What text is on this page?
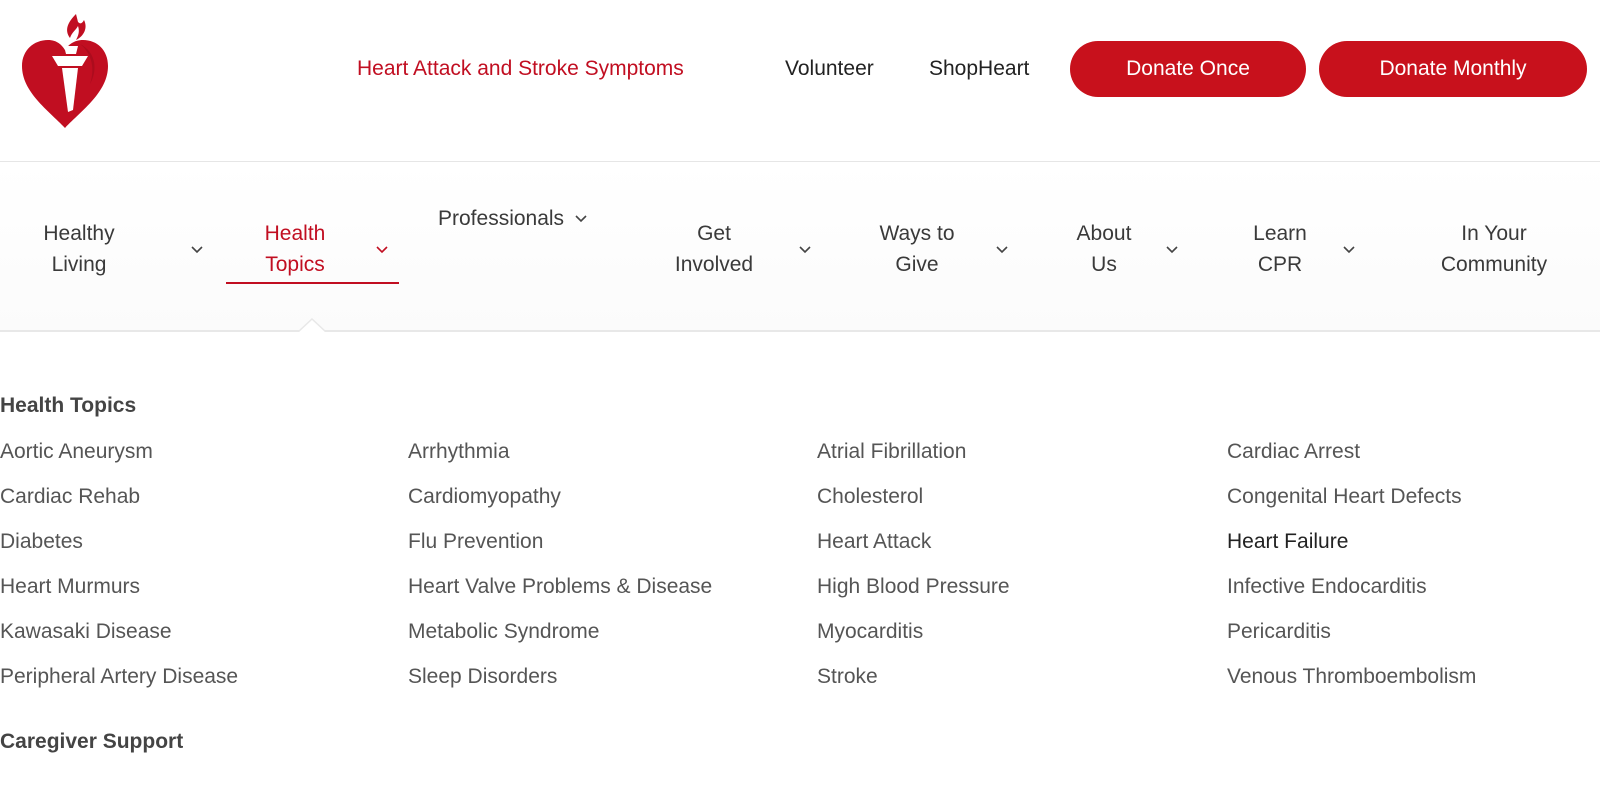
Heart Attack and Stroke Symptoms	Volunteer	ShopHeart	Donate Once	Donate Monthly
Healthy
Living
Health
Topics
Professionals
Get
Involved
Ways to
Give
About
Us
Learn
CPR
In Your
Community
Health Topics
Aortic Aneurysm	Arrhythmia	Atrial Fibrillation	Cardiac Arrest
Cardiac Rehab	Cardiomyopathy	Cholesterol	Congenital Heart Defects
Diabetes	Flu Prevention	Heart Attack	Heart Failure
Heart Murmurs	Heart Valve Problems & Disease	High Blood Pressure	Infective Endocarditis
Kawasaki Disease	Metabolic Syndrome	Myocarditis	Pericarditis
Peripheral Artery Disease	Sleep Disorders	Stroke	Venous Thromboembolism
Caregiver Support
